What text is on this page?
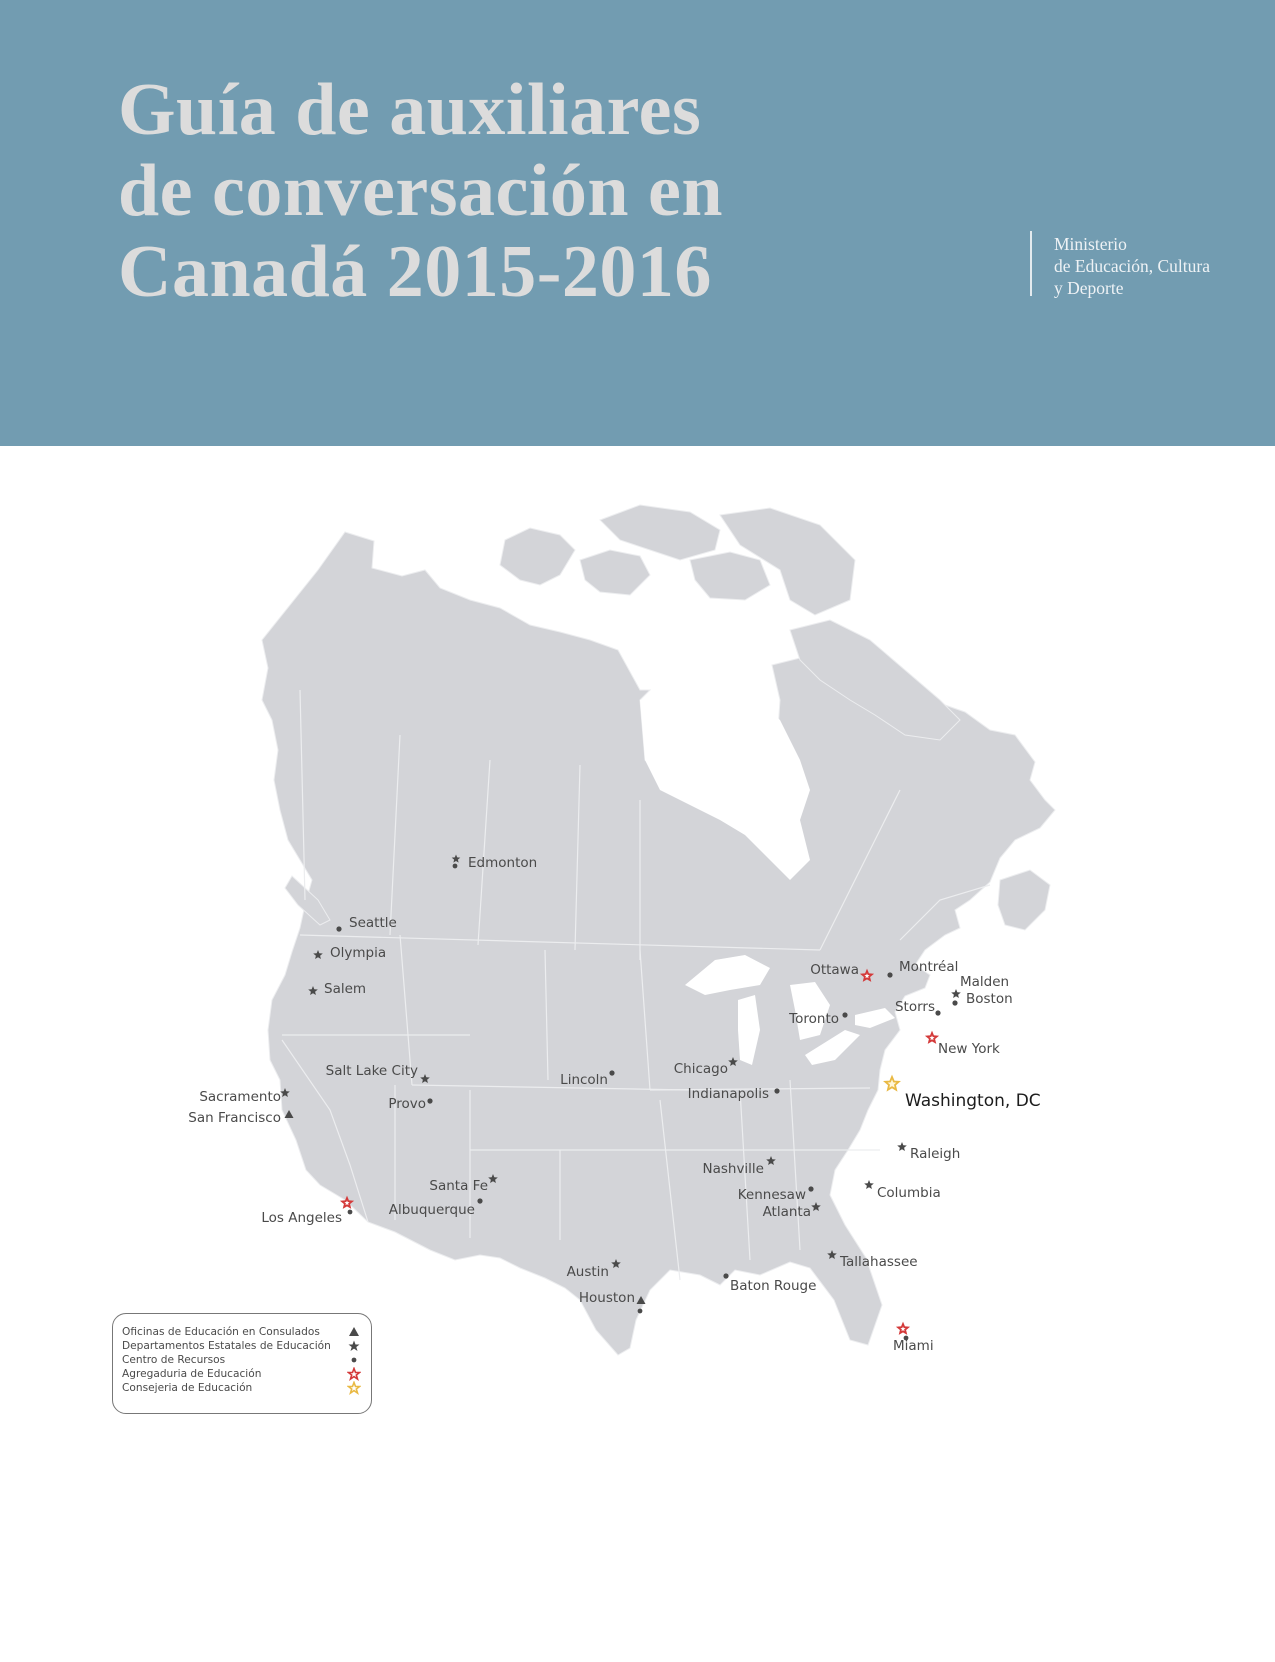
Guía de auxiliares
de conversación en
Canadá 2015-2016	Ministerio
de Educación, Cultura
y Deporte
Edmonton
Seattle
Olympia
Salem
Sacramento
San Francisco
Los Angeles
Salt Lake City
Provo
Santa Fe
Albuquerque
Lincoln
Chicago
Indianapolis
Austin
Houston
Baton Rouge
Nashville
Kennesaw
Atlanta
Tallahassee
Miami
Columbia
Raleigh
Washington, DC
New York
Storrs
Malden
Boston
Toronto
Ottawa	Montréal
Oficinas de Educación en Consulados
Departamentos Estatales de Educación
Centro de Recursos
Agregaduria de Educación
Consejeria de Educación
